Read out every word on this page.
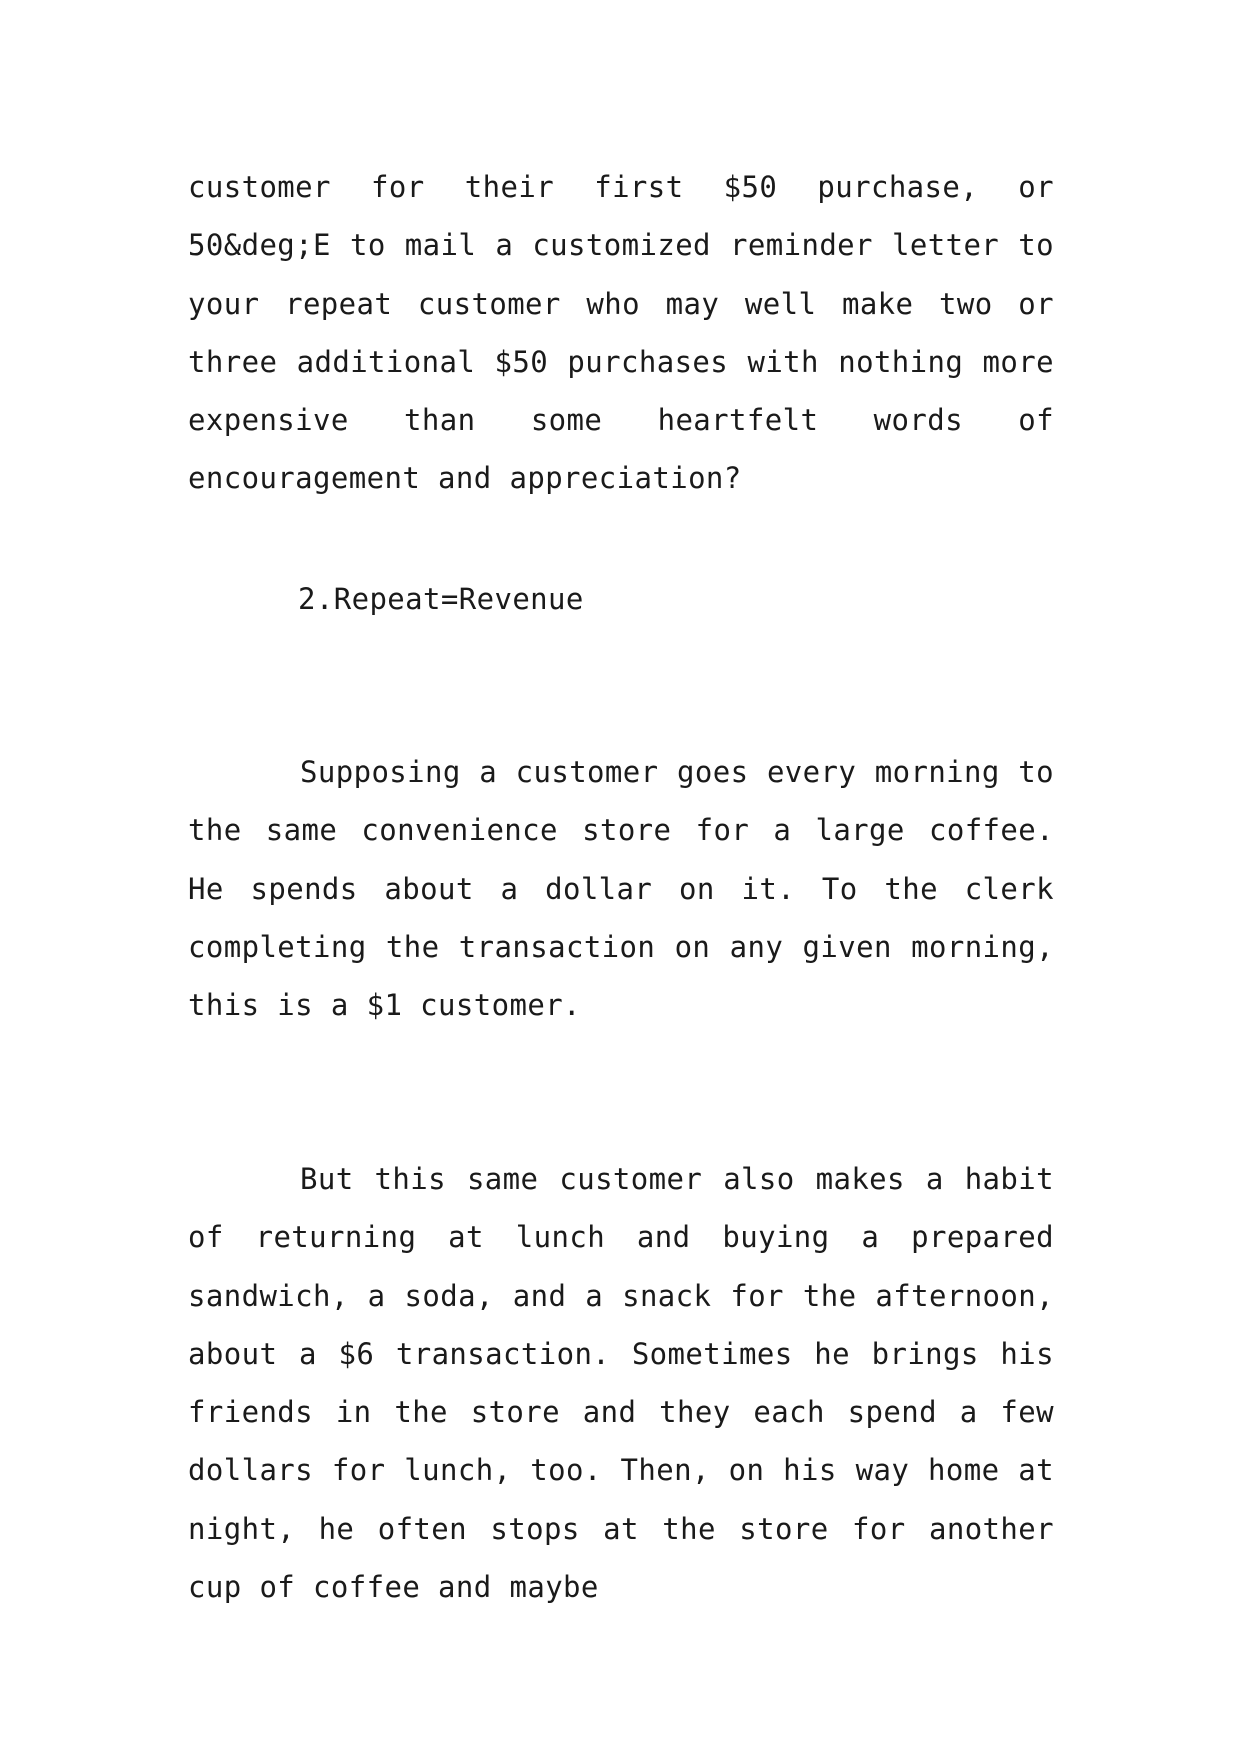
customer for their first $50 purchase, or 50&deg;E to mail a customized reminder letter to your repeat customer who may well make two or three additional $50 purchases with nothing more expensive than some heartfelt words of encouragement and appreciation?

2.Repeat=Revenue

Supposing a customer goes every morning to the same convenience store for a large coffee. He spends about a dollar on it. To the clerk completing the transaction on any given morning, this is a $1 customer.

But this same customer also makes a habit of returning at lunch and buying a prepared sandwich, a soda, and a snack for the afternoon, about a $6 transaction. Sometimes he brings his friends in the store and they each spend a few dollars for lunch, too. Then, on his way home at night, he often stops at the store for another cup of coffee and maybe
